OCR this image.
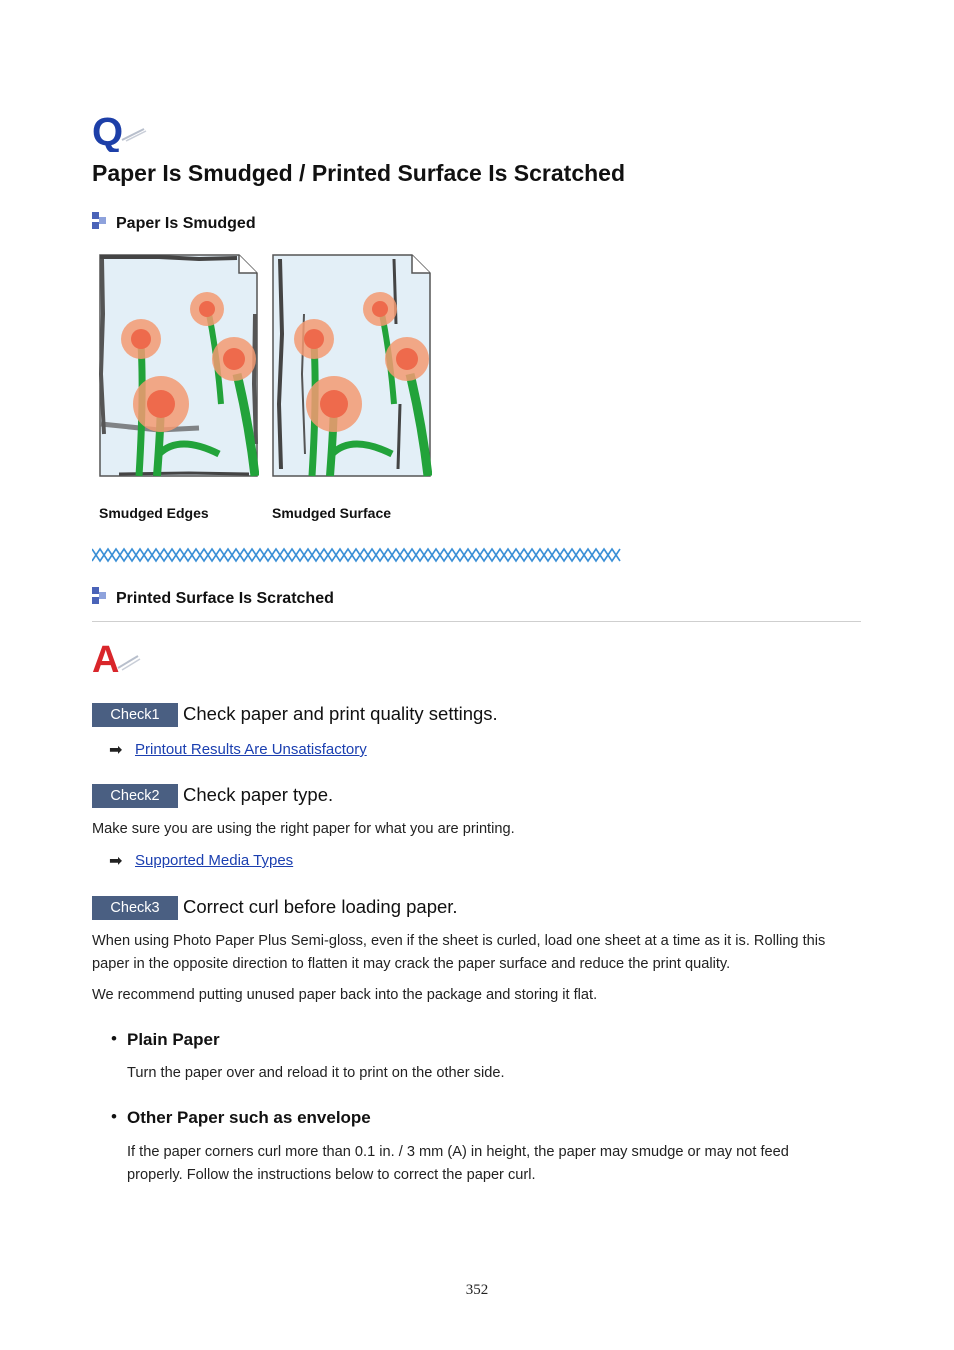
Q
Paper Is Smudged / Printed Surface Is Scratched
Paper Is Smudged
Smudged Edges	Smudged Surface
Printed Surface Is Scratched
A
Check1	Check paper and print quality settings.
➡ Printout Results Are Unsatisfactory
Check2	Check paper type.
Make sure you are using the right paper for what you are printing.
➡ Supported Media Types
Check3	Correct curl before loading paper.
When using Photo Paper Plus Semi-gloss, even if the sheet is curled, load one sheet at a time as it is. Rolling this paper in the opposite direction to flatten it may crack the paper surface and reduce the print quality.
We recommend putting unused paper back into the package and storing it flat.
• Plain Paper
Turn the paper over and reload it to print on the other side.
• Other Paper such as envelope
If the paper corners curl more than 0.1 in. / 3 mm (A) in height, the paper may smudge or may not feed properly. Follow the instructions below to correct the paper curl.
352
